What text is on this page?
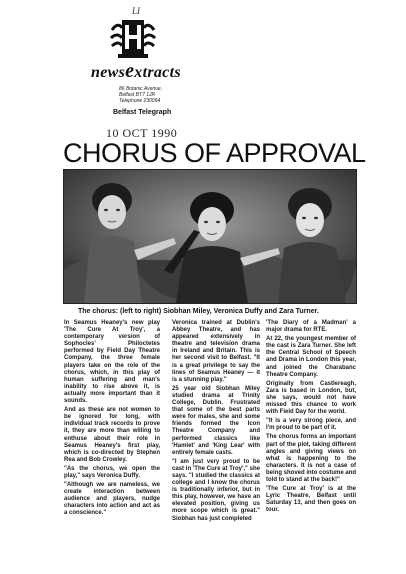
LI
newsextracts
86 Botanic Avenue,
Belfast BT7 1JR
Telephone 230094
Belfast Telegraph
10 OCT 1990
CHORUS OF APPROVAL
The chorus: (left to right) Siobhan Miley, Veronica Duffy and Zara Turner.

In Seamus Heaney's new play 'The Cure At Troy', a contemporary version of Sophocles' Philoctetes performed by Field Day Theatre Company, the three female players take on the role of the chorus, which, in this play of human suffering and man's inability to rise above it, is actually more important than it sounds.

And as these are not women to be ignored for long, with individual track records to prove it, they are more than willing to enthuse about their role in Seamus Heaney's first play, which is co-directed by Stephen Rea and Bob Crowley.

"As the chorus, we open the play," says Veronica Duffy.

"Although we are nameless, we create interaction between audience and players, nudge characters into action and act as a conscience."

Veronica trained at Dublin's Abbey Theatre, and has appeared extensively in theatre and television drama in Ireland and Britain. This is her second visit to Belfast. "It is a great privilege to say the lines of Seamus Heaney — it is a stunning play."

25 year old Siobhan Miley studied drama at Trinity College, Dublin. Frustrated that some of the best parts were for males, she and some friends formed the Icon Theatre Company and performed classics like 'Hamlet' and 'King Lear' with entirely female casts.

"I am just very proud to be cast in 'The Cure at Troy'," she says. "I studied the classics at college and I know the chorus is traditionally inferior, but in this play, however, we have an elevated position, giving us more scope which is great." Siobhan has just completed

'The Diary of a Madman' a major drama for RTE.

At 22, the youngest member of the cast is Zara Turner. She left the Central School of Speech and Drama in London this year, and joined the Charabanc Theatre Company.

Originally from Castlereagh, Zara is based in London, but, she says, would not have missed this chance to work with Field Day for the world.

"It is a very strong piece, and I'm proud to be part of it.

The chorus forms an important part of the plot, taking different angles and giving views on what is happening to the characters. It is not a case of being shoved into costume and told to stand at the back!"

'The Cure at Troy' is at the Lyric Theatre, Belfast until Saturday 13, and then goes on tour.
